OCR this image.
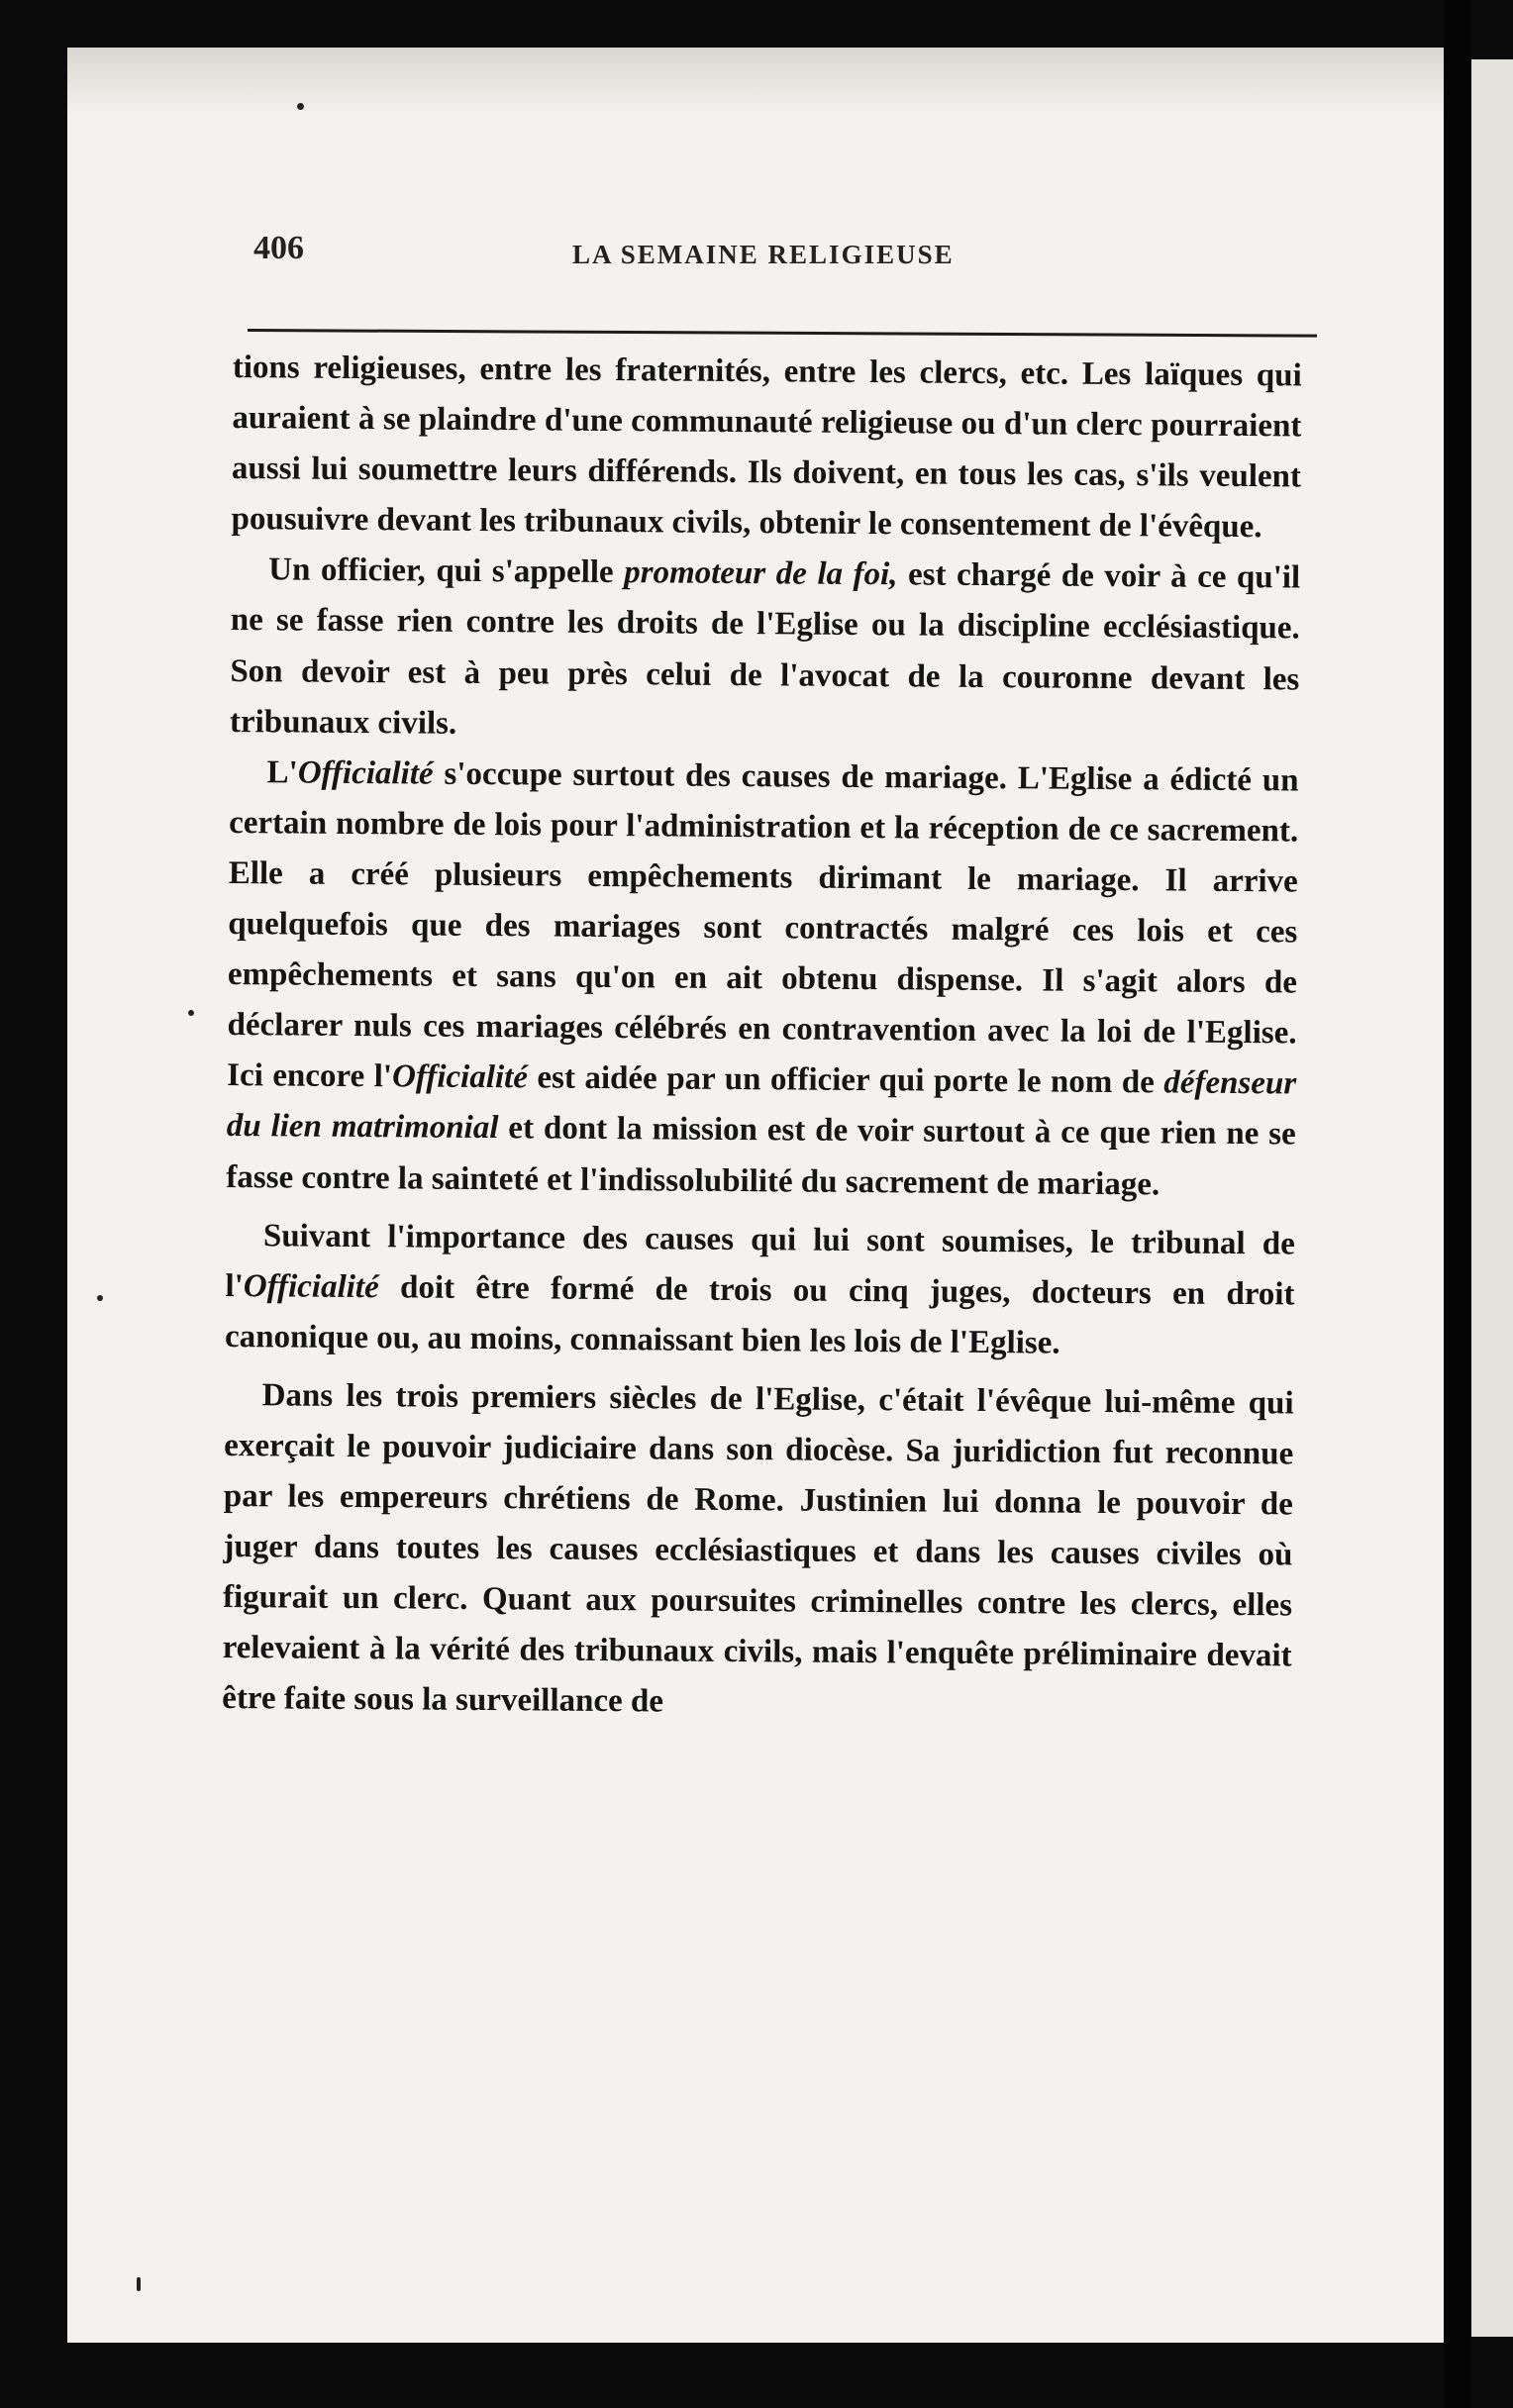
406	LA SEMAINE RELIGIEUSE

tions religieuses, entre les fraternités, entre les clercs, etc. Les laïques qui auraient à se plaindre d'une communauté religieuse ou d'un clerc pourraient aussi lui soumettre leurs différends. Ils doivent, en tous les cas, s'ils veulent pousuivre devant les tribunaux civils, obtenir le consentement de l'évêque.

Un officier, qui s'appelle promoteur de la foi, est chargé de voir à ce qu'il ne se fasse rien contre les droits de l'Eglise ou la discipline ecclésiastique. Son devoir est à peu près celui de l'avocat de la couronne devant les tribunaux civils.

L'Officialité s'occupe surtout des causes de mariage. L'Eglise a édicté un certain nombre de lois pour l'administration et la réception de ce sacrement. Elle a créé plusieurs empêchements dirimant le mariage. Il arrive quelquefois que des mariages sont contractés malgré ces lois et ces empêchements et sans qu'on en ait obtenu dispense. Il s'agit alors de déclarer nuls ces mariages célébrés en contravention avec la loi de l'Eglise. Ici encore l'Officialité est aidée par un officier qui porte le nom de défenseur du lien matrimonial et dont la mission est de voir surtout à ce que rien ne se fasse contre la sainteté et l'indissolubilité du sacrement de mariage.

Suivant l'importance des causes qui lui sont soumises, le tribunal de l'Officialité doit être formé de trois ou cinq juges, docteurs en droit canonique ou, au moins, connaissant bien les lois de l'Eglise.

Dans les trois premiers siècles de l'Eglise, c'était l'évêque lui-même qui exerçait le pouvoir judiciaire dans son diocèse. Sa juridiction fut reconnue par les empereurs chrétiens de Rome. Justinien lui donna le pouvoir de juger dans toutes les causes ecclésiastiques et dans les causes civiles où figurait un clerc. Quant aux poursuites criminelles contre les clercs, elles relevaient à la vérité des tribunaux civils, mais l'enquête préliminaire devait être faite sous la surveillance de
